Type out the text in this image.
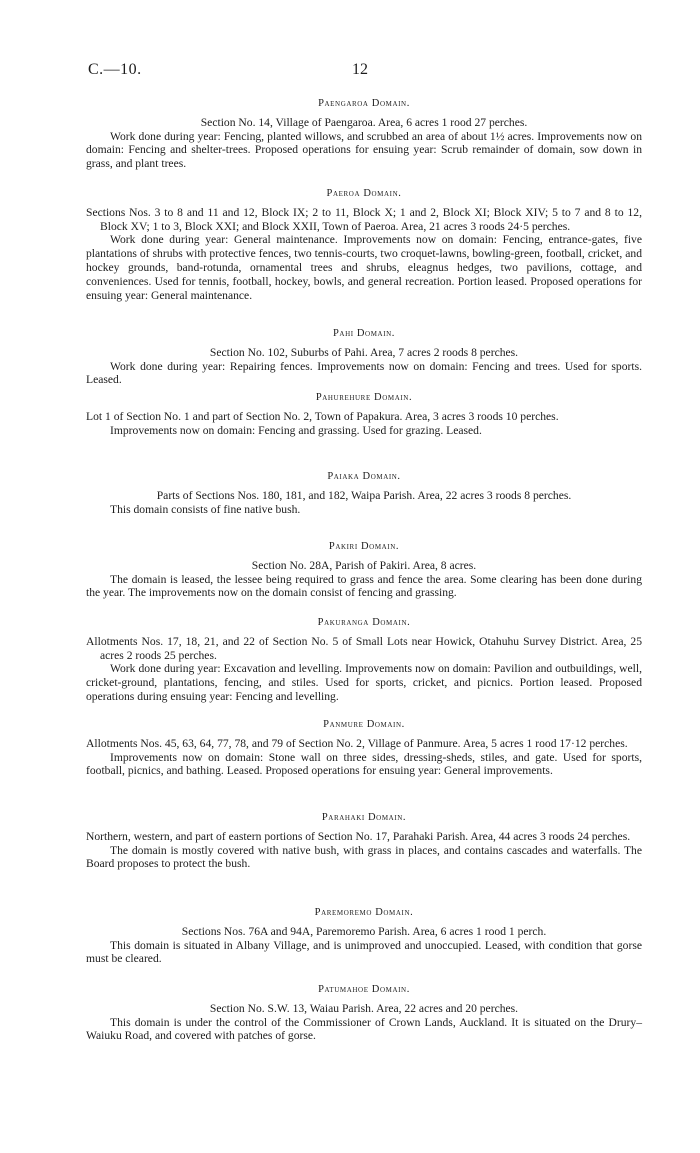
C.—10.	12
Paengaroa Domain.

Section No. 14, Village of Paengaroa. Area, 6 acres 1 rood 27 perches.

Work done during year: Fencing, planted willows, and scrubbed an area of about 1½ acres. Improvements now on domain: Fencing and shelter-trees. Proposed operations for ensuing year: Scrub remainder of domain, sow down in grass, and plant trees.

Paeroa Domain.

Sections Nos. 3 to 8 and 11 and 12, Block IX; 2 to 11, Block X; 1 and 2, Block XI; Block XIV; 5 to 7 and 8 to 12, Block XV; 1 to 3, Block XXI; and Block XXII, Town of Paeroa. Area, 21 acres 3 roods 24·5 perches.

Work done during year: General maintenance. Improvements now on domain: Fencing, entrance-gates, five plantations of shrubs with protective fences, two tennis-courts, two croquet-lawns, bowling-green, football, cricket, and hockey grounds, band-rotunda, ornamental trees and shrubs, eleagnus hedges, two pavilions, cottage, and conveniences. Used for tennis, football, hockey, bowls, and general recreation. Portion leased. Proposed operations for ensuing year: General maintenance.

Pahi Domain.

Section No. 102, Suburbs of Pahi. Area, 7 acres 2 roods 8 perches.

Work done during year: Repairing fences. Improvements now on domain: Fencing and trees. Used for sports. Leased.

Pahurehure Domain.

Lot 1 of Section No. 1 and part of Section No. 2, Town of Papakura. Area, 3 acres 3 roods 10 perches.

Improvements now on domain: Fencing and grassing. Used for grazing. Leased.

Paiaka Domain.

Parts of Sections Nos. 180, 181, and 182, Waipa Parish. Area, 22 acres 3 roods 8 perches.

This domain consists of fine native bush.

Pakiri Domain.

Section No. 28A, Parish of Pakiri. Area, 8 acres.

The domain is leased, the lessee being required to grass and fence the area. Some clearing has been done during the year. The improvements now on the domain consist of fencing and grassing.

Pakuranga Domain.

Allotments Nos. 17, 18, 21, and 22 of Section No. 5 of Small Lots near Howick, Otahuhu Survey District. Area, 25 acres 2 roods 25 perches.

Work done during year: Excavation and levelling. Improvements now on domain: Pavilion and outbuildings, well, cricket-ground, plantations, fencing, and stiles. Used for sports, cricket, and picnics. Portion leased. Proposed operations during ensuing year: Fencing and levelling.

Panmure Domain.

Allotments Nos. 45, 63, 64, 77, 78, and 79 of Section No. 2, Village of Panmure. Area, 5 acres 1 rood 17·12 perches.

Improvements now on domain: Stone wall on three sides, dressing-sheds, stiles, and gate. Used for sports, football, picnics, and bathing. Leased. Proposed operations for ensuing year: General improvements.

Parahaki Domain.

Northern, western, and part of eastern portions of Section No. 17, Parahaki Parish. Area, 44 acres 3 roods 24 perches.

The domain is mostly covered with native bush, with grass in places, and contains cascades and waterfalls. The Board proposes to protect the bush.

Paremoremo Domain.

Sections Nos. 76A and 94A, Paremoremo Parish. Area, 6 acres 1 rood 1 perch.

This domain is situated in Albany Village, and is unimproved and unoccupied. Leased, with condition that gorse must be cleared.

Patumahoe Domain.

Section No. S.W. 13, Waiau Parish. Area, 22 acres and 20 perches.

This domain is under the control of the Commissioner of Crown Lands, Auckland. It is situated on the Drury–Waiuku Road, and covered with patches of gorse.
